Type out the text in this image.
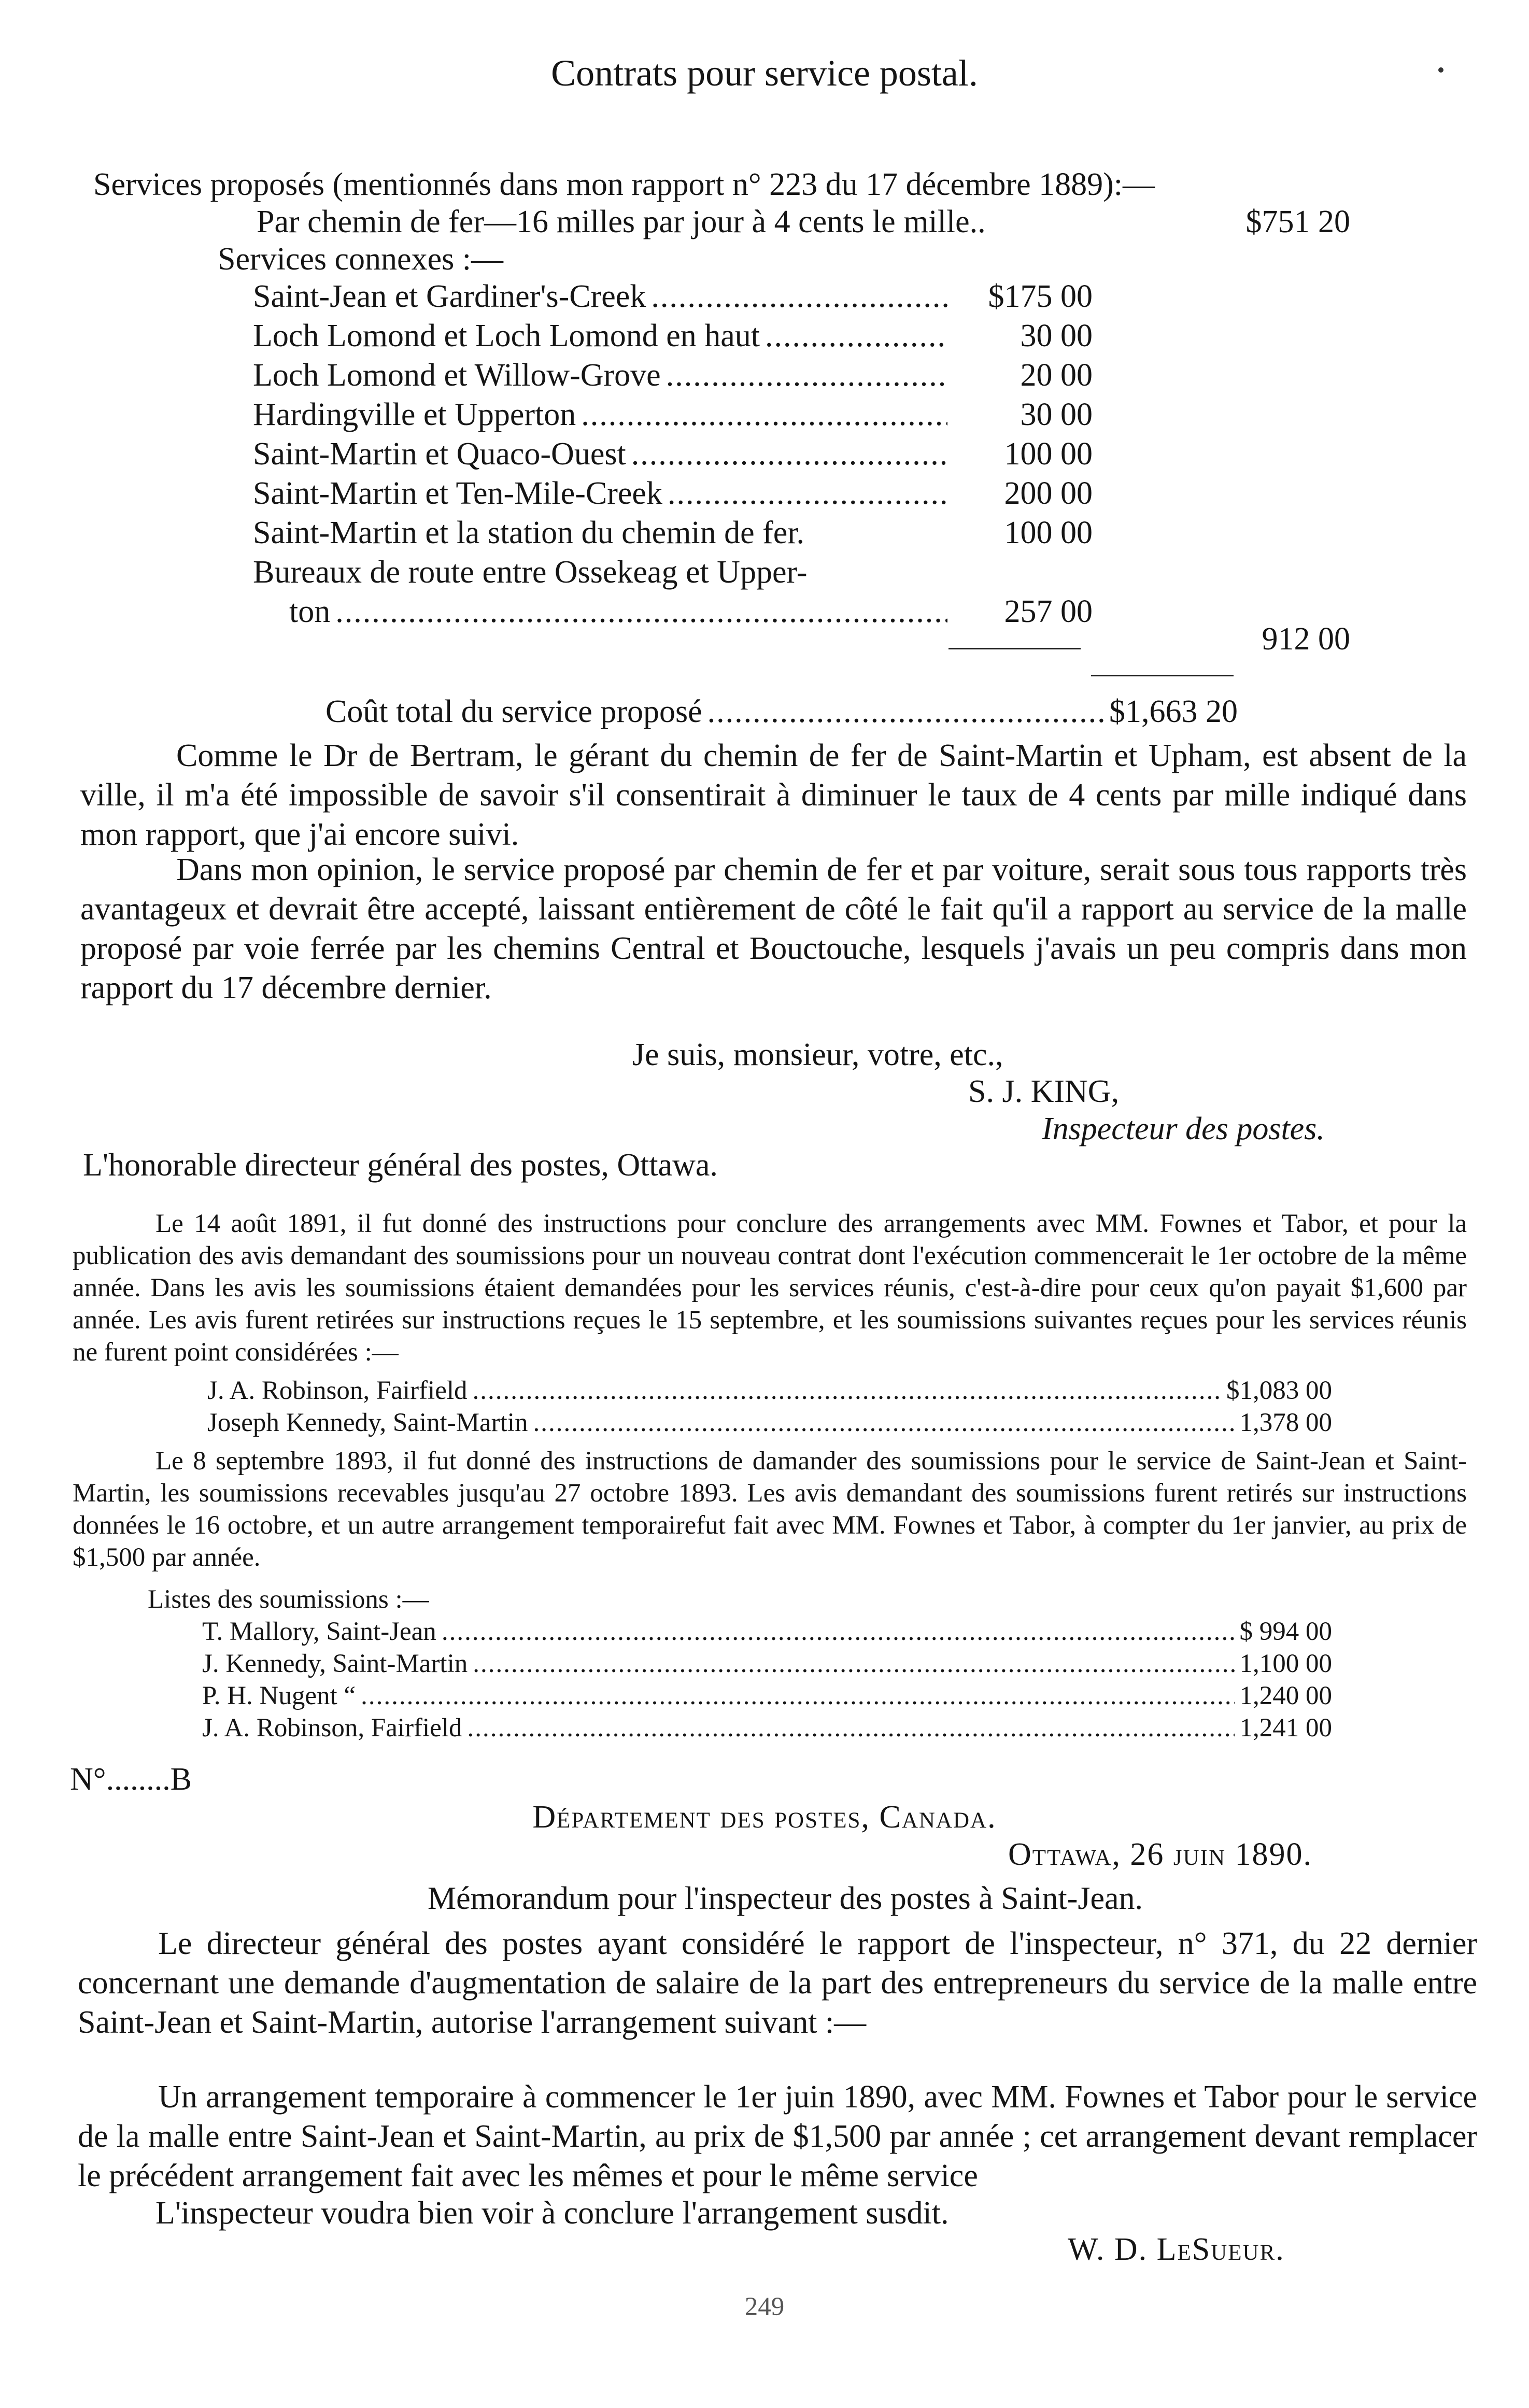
Contrats pour service postal.
Services proposés (mentionnés dans mon rapport n° 223 du 17 décembre 1889):—
Par chemin de fer—16 milles par jour à 4 cents le mille..	$751 20
Services connexes :—
Saint-Jean et Gardiner's-Creek .....	$175 00
Loch Lomond et Loch Lomond en haut .....	30 00
Loch Lomond et Willow-Grove .....	20 00
Hardingville et Upperton .....	30 00
Saint-Martin et Quaco-Ouest .....	100 00
Saint-Martin et Ten-Mile-Creek .....	200 00
Saint-Martin et la station du chemin de fer.	100 00
Bureaux de route entre Ossekeag et Upper-
ton .....	257 00
912 00
Coût total du service proposé .....	$1,663 20
Comme le Dr de Bertram, le gérant du chemin de fer de Saint-Martin et Upham, est absent de la ville, il m'a été impossible de savoir s'il consentirait à diminuer le taux de 4 cents par mille indiqué dans mon rapport, que j'ai encore suivi.
Dans mon opinion, le service proposé par chemin de fer et par voiture, serait sous tous rapports très avantageux et devrait être accepté, laissant entièrement de côté le fait qu'il a rapport au service de la malle proposé par voie ferrée par les chemins Central et Bouctouche, lesquels j'avais un peu compris dans mon rapport du 17 décembre dernier.
Je suis, monsieur, votre, etc.,
S. J. KING,
Inspecteur des postes.
L'honorable directeur général des postes, Ottawa.
Le 14 août 1891, il fut donné des instructions pour conclure des arrangements avec MM. Fownes et Tabor, et pour la publication des avis demandant des soumissions pour un nouveau contrat dont l'exécution commencerait le 1er octobre de la même année. Dans les avis les soumissions étaient demandées pour les services réunis, c'est-à-dire pour ceux qu'on payait $1,600 par année. Les avis furent retirées sur instructions reçues le 15 septembre, et les soumissions suivantes reçues pour les services réunis ne furent point considérées :—
J. A. Robinson, Fairfield .....	$1,083 00
Joseph Kennedy, Saint-Martin .....	1,378 00
Le 8 septembre 1893, il fut donné des instructions de damander des soumissions pour le service de Saint-Jean et Saint-Martin, les soumissions recevables jusqu'au 27 octobre 1893. Les avis demandant des soumissions furent retirés sur instructions données le 16 octobre, et un autre arrangement temporairefut fait avec MM. Fownes et Tabor, à compter du 1er janvier, au prix de $1,500 par année.
Listes des soumissions :—
T. Mallory, Saint-Jean .....	$ 994 00
J. Kennedy, Saint-Martin .....	1,100 00
P. H. Nugent “ .....	1,240 00
J. A. Robinson, Fairfield .....	1,241 00
N°........B
Département des postes, Canada.
Ottawa, 26 juin 1890.
Mémorandum pour l'inspecteur des postes à Saint-Jean.
Le directeur général des postes ayant considéré le rapport de l'inspecteur, n° 371, du 22 dernier concernant une demande d'augmentation de salaire de la part des entrepreneurs du service de la malle entre Saint-Jean et Saint-Martin, autorise l'arrangement suivant :—
Un arrangement temporaire à commencer le 1er juin 1890, avec MM. Fownes et Tabor pour le service de la malle entre Saint-Jean et Saint-Martin, au prix de $1,500 par année ; cet arrangement devant remplacer le précédent arrangement fait avec les mêmes et pour le même service
L'inspecteur voudra bien voir à conclure l'arrangement susdit.
W. D. LeSueur.
249
